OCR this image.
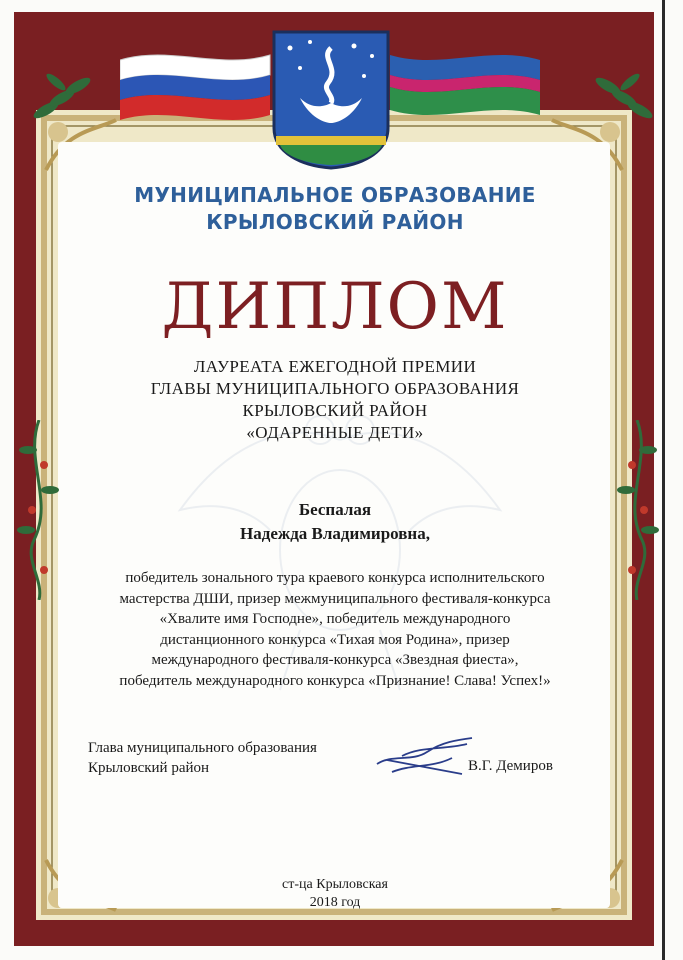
МУНИЦИПАЛЬНОЕ ОБРАЗОВАНИЕ
КРЫЛОВСКИЙ РАЙОН
ДИПЛОМ
ЛАУРЕАТА ЕЖЕГОДНОЙ ПРЕМИИ
ГЛАВЫ МУНИЦИПАЛЬНОГО ОБРАЗОВАНИЯ
КРЫЛОВСКИЙ РАЙОН
«ОДАРЕННЫЕ ДЕТИ»
Беспалая
Надежда Владимировна,
победитель зонального тура краевого конкурса исполнительского
мастерства ДШИ, призер межмуниципального фестиваля-конкурса
«Хвалите имя Господне», победитель международного
дистанционного конкурса «Тихая моя Родина», призер
международного фестиваля-конкурса «Звездная фиеста»,
победитель международного конкурса «Признание! Слава! Успех!»
Глава муниципального образования
Крыловский район	В.Г. Демиров
ст-ца Крыловская
2018 год
